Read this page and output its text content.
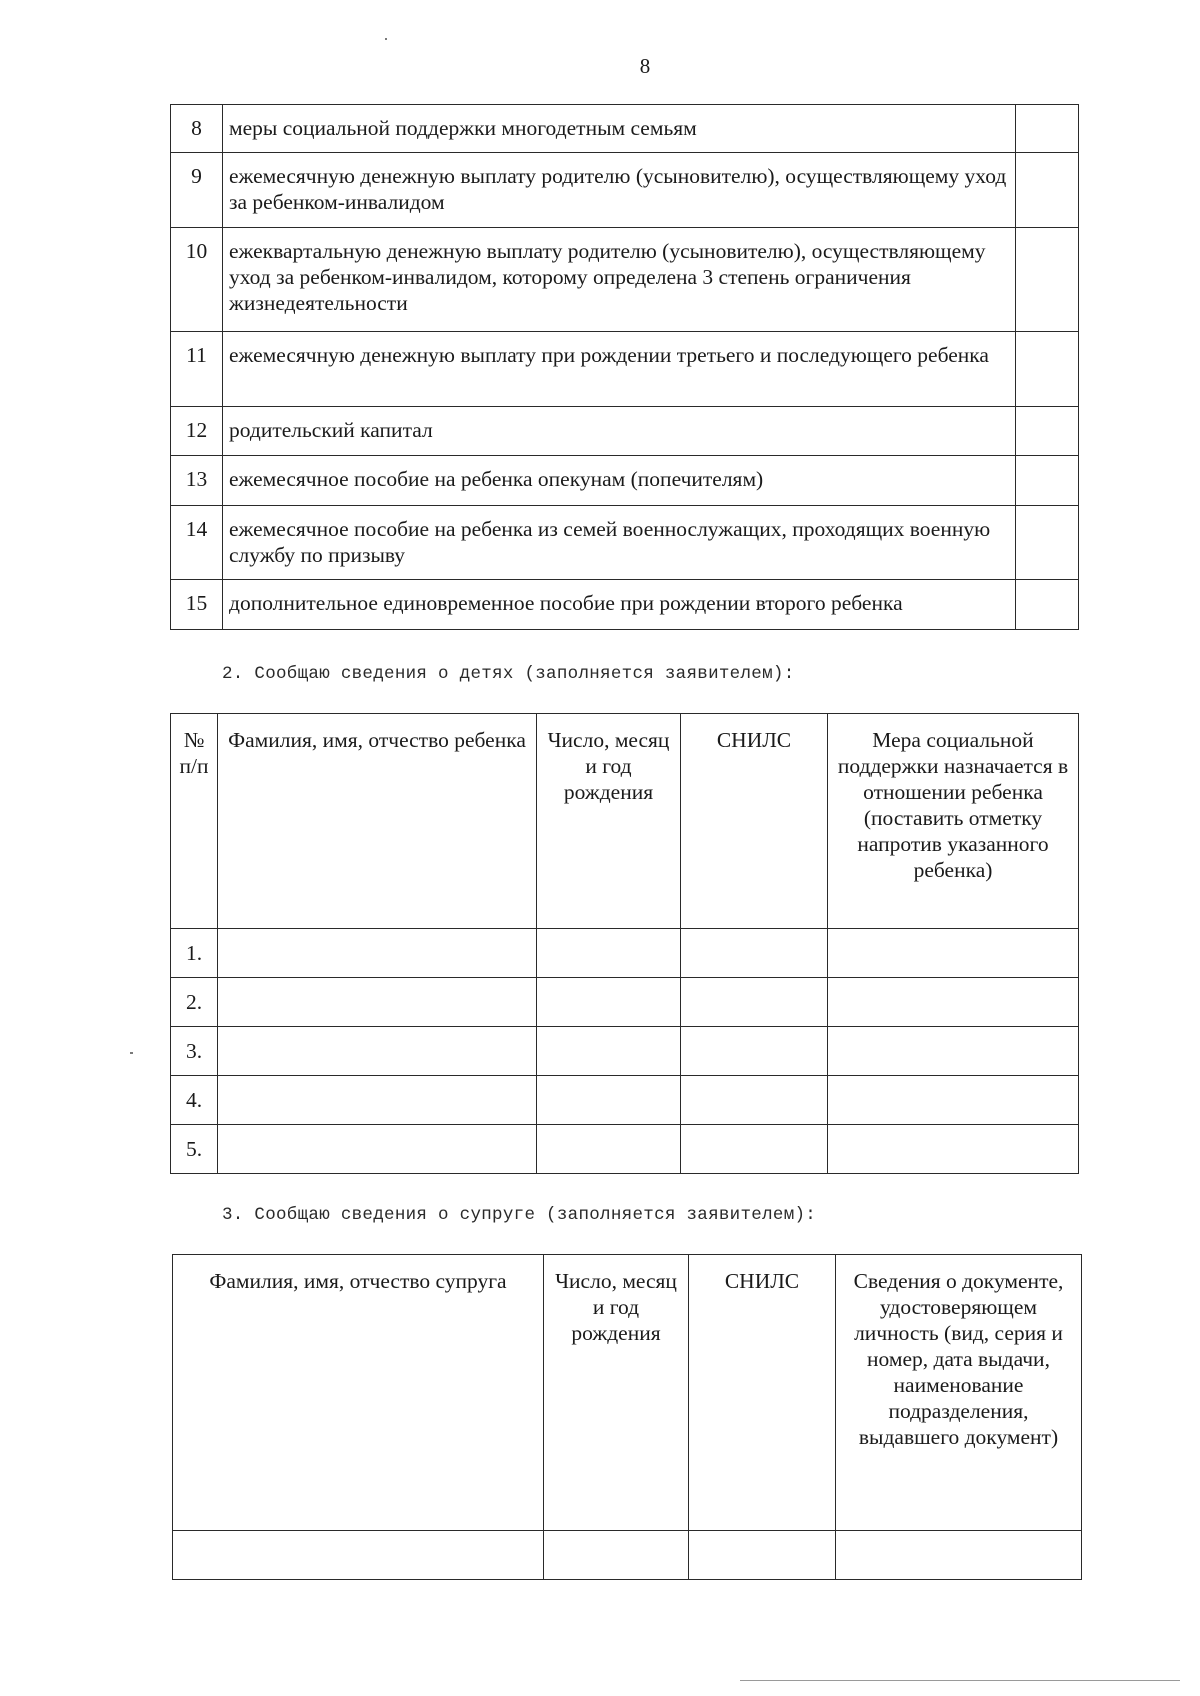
8
8	меры социальной поддержки многодетным семьям	
9	ежемесячную денежную выплату родителю (усыновителю), осуществляющему уход за ребенком-инвалидом	
10	ежеквартальную денежную выплату родителю (усыновителю), осуществляющему уход за ребенком-инвалидом, которому определена 3 степень ограничения жизнедеятельности	
11	ежемесячную денежную выплату при рождении третьего и последующего ребенка	
12	родительский капитал	
13	ежемесячное пособие на ребенка опекунам (попечителям)	
14	ежемесячное пособие на ребенка из семей военнослужащих, проходящих военную службу по призыву	
15	дополнительное единовременное пособие при рождении второго ребенка	
2. Сообщаю сведения о детях (заполняется заявителем):
№ п/п	Фамилия, имя, отчество ребенка	Число, месяц и год рождения	СНИЛС	Мера социальной поддержки назначается в отношении ребенка (поставить отметку напротив указанного ребенка)
1.				
2.				
3.				
4.				
5.				
3. Сообщаю сведения о супруге (заполняется заявителем):
Фамилия, имя, отчество супруга	Число, месяц и год рождения	СНИЛС	Сведения о документе, удостоверяющем личность (вид, серия и номер, дата выдачи, наименование подразделения, выдавшего документ)
